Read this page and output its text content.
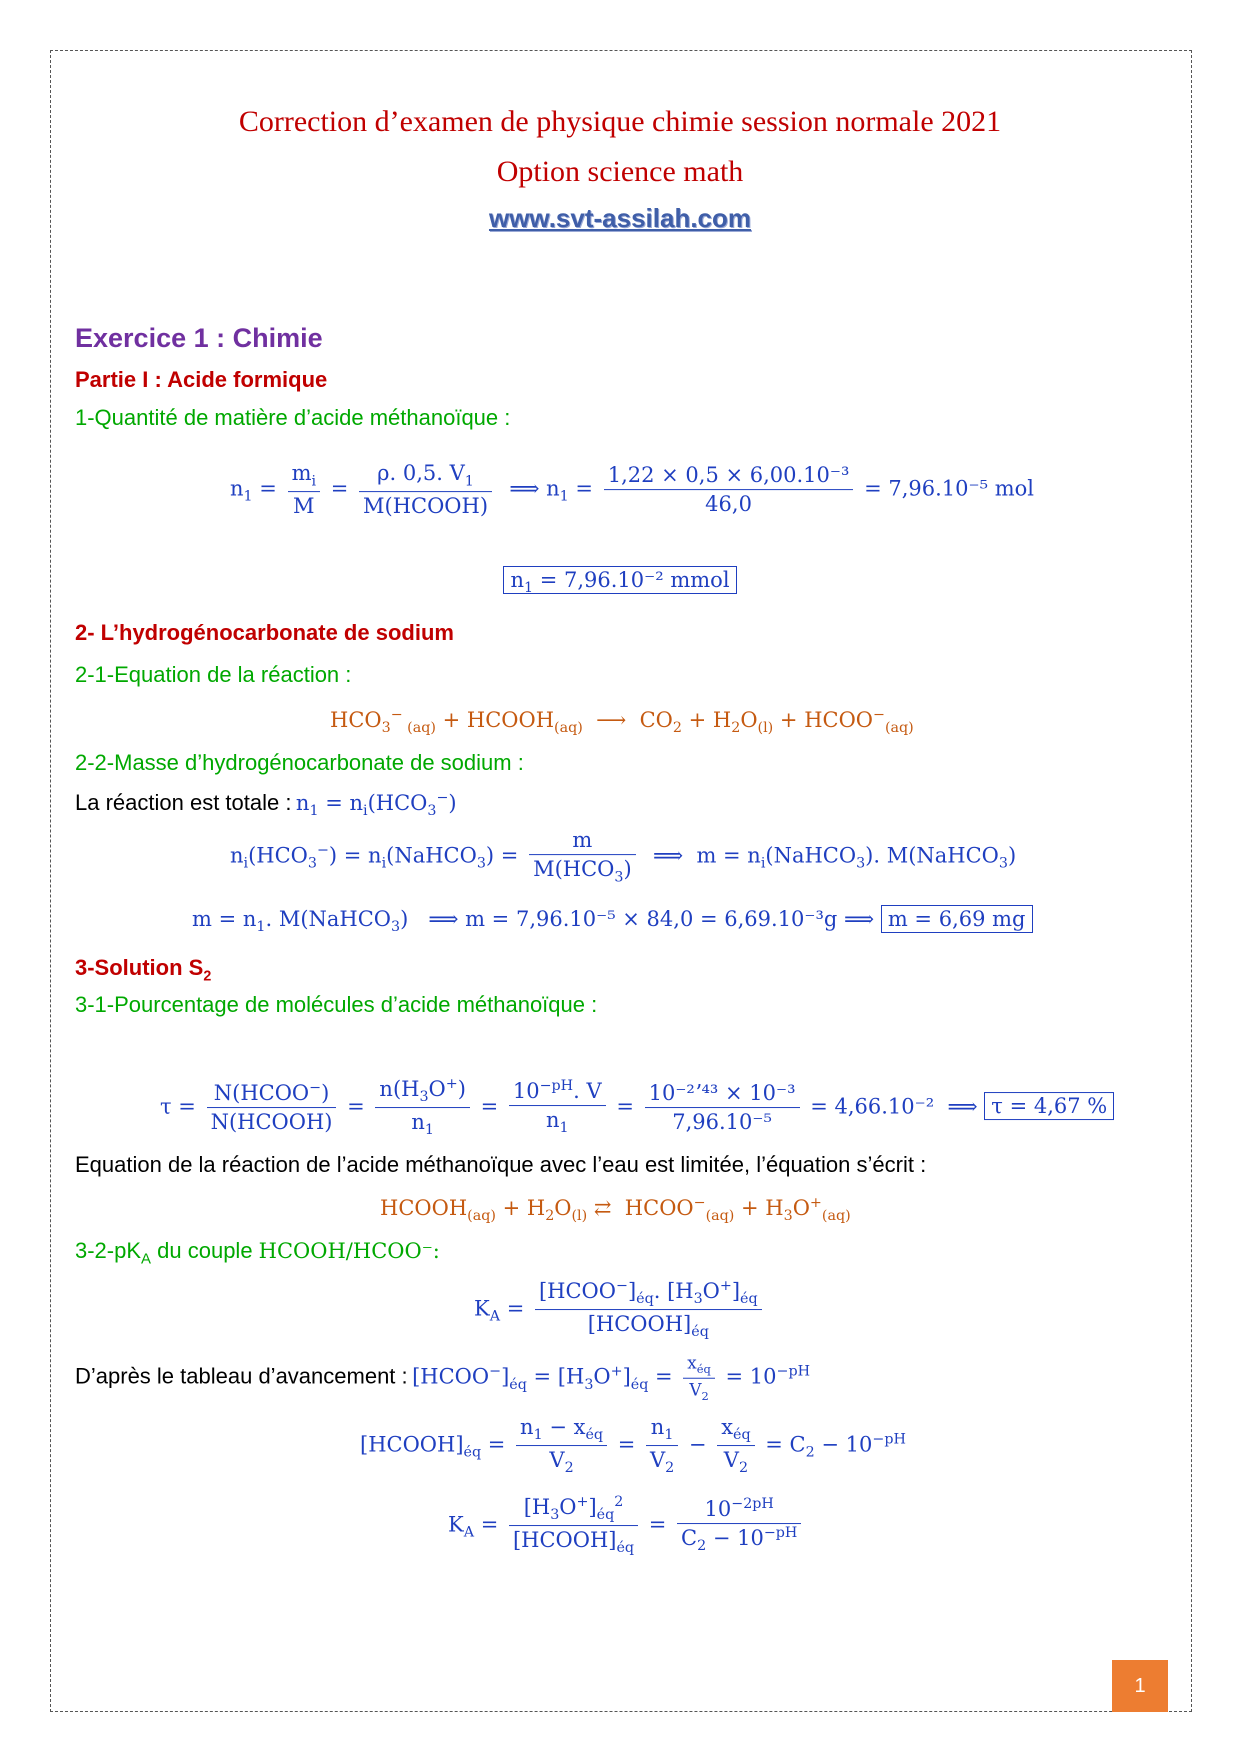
Correction d’examen de physique chimie session normale 2021
Option science math
www.svt-assilah.com
Exercice 1 : Chimie
Partie I : Acide formique
1-Quantité de matière d’acide méthanoïque :
$n_1 = \frac{m_i}{M} = \frac{\rho. 0,5. V_1}{\text{M(HCOOH)}}$ ⟹ $n_1 = \frac{\text{1,22 × 0,5 × 6,00.10⁻³}}{46,0} = 7,96.10^{-5}$ mol
$n_1 = 7,96.10^{-2}$ mmol
2- L’hydrogénocarbonate de sodium
2-1-Equation de la réaction :
$HCO_3^-$ $_{(aq)} + HCOOH_{(aq)}$  ⟶  $CO_2 + H_2O_{(l)}$ + $HCOO^-_{(aq)}$
2-2-Masse d’hydrogénocarbonate de sodium :
La réaction est totale : $n_1 = n_i(HCO_3^-)$
$n_i(HCO_3^-)$ = $n_i(NaHCO_3) = \frac{m}{M(HCO_3)}$ ⟹  $m = n_i(NaHCO_3)$. M(NaHCO$_3$)
$m = n_1$. M(NaHCO$_3$)   ⟹ m = 7,96.10⁻⁵ × 84,0 = 6,69.10⁻³g ⟹ m = 6,69 mg
3-Solution $S_2$
3-1-Pourcentage de molécules d’acide méthanoïque :
$\tau = \frac{N(HCOO^-)}{\text{N(HCOOH)}} = \frac{n(H_3O^+)}{n_1} = \frac{10^{-pH}. V}{n_1} = \frac{\text{10⁻²ʼ⁴³ × 10⁻³}}{\text{7,96.10⁻⁵}} = 4,66.10^{-2}$  ⟹ τ = 4,67 %
Equation de la réaction de l’acide méthanoïque avec l’eau est limitée, l’équation s’écrit :
$HCOOH_{(aq)} + H_2O_{(l)}$ ⇄  $HCOO^-_{(aq)} + H_3O^+_{(aq)}$
$3-2-pK_A$ du couple HCOOH/HCOO⁻:
$K_A = \frac{[HCOO^-]_{éq}. [H_3O^+]_{éq}}{[HCOOH]_{éq}}$
D’après le tableau d’avancement : $[HCOO^-]_{éq} = [H_3O^+]_{éq} = \frac{x_{éq}}{V_2} = 10^{-pH}$
$[HCOOH]_{éq} = \frac{n_1 - x_{éq}}{V_2} = \frac{n_1}{V_2} - \frac{x_{éq}}{V_2} = C_2 - 10^{-pH}$
$K_A = \frac{[H_3O^+]_{éq}^2}{[HCOOH]_{éq}} = \frac{10^{-2pH}}{C_2 - 10^{-pH}}$
1
